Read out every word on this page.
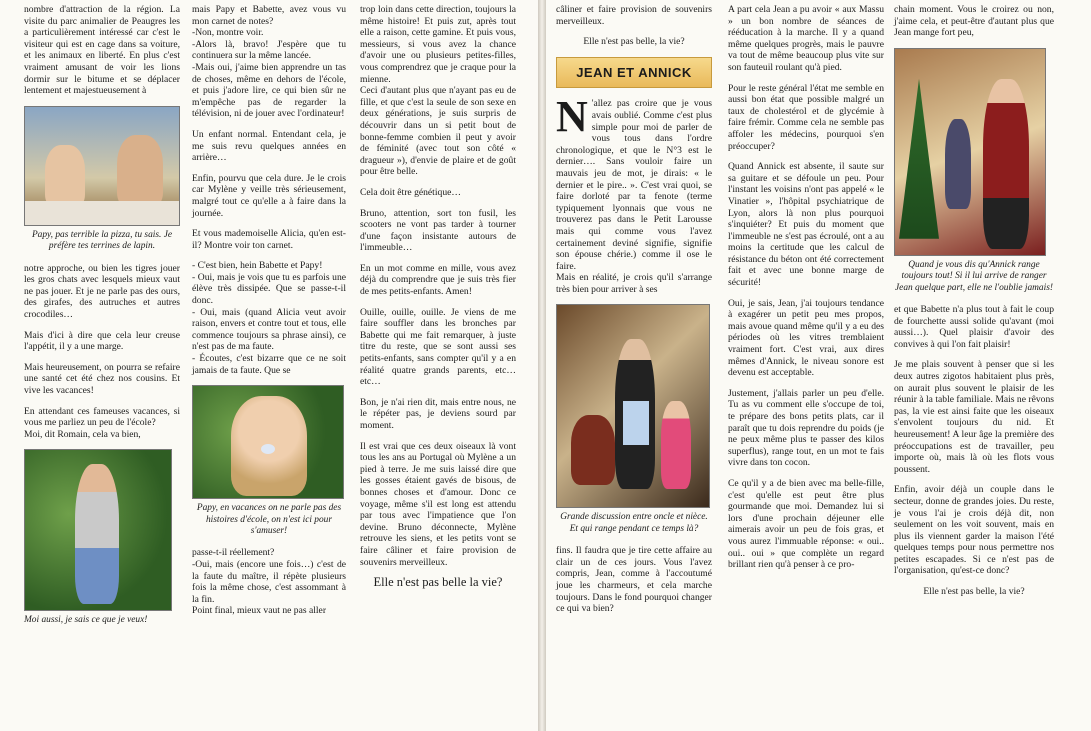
nombre d'attraction de la région. La visite du parc animalier de Peaugres les a particulièrement intéressé car c'est le visiteur qui est en cage dans sa voiture, et les animaux en liberté. En plus c'est vraiment amusant de voir les lions dormir sur le bitume et se déplacer lentement et majestueusement à

Papy, pas terrible la pizza, tu sais. Je préfère tes terrines de lapin.

notre approche, ou bien les tigres jouer les gros chats avec lesquels mieux vaut ne pas jouer. Et je ne parle pas des ours, des girafes, des autruches et autres crocodiles…

Mais d'ici à dire que cela leur creuse l'appétit, il y a une marge.

Mais heureusement, on pourra se refaire une santé cet été chez nos cousins. Et vive les vacances!

En attendant ces fameuses vacances, si vous me parliez un peu de l'école?

Moi, dit Romain, cela va bien,

Moi aussi, je sais ce que je veux!

mais Papy et Babette, avez vous vu mon carnet de notes?

-Non, montre voir.

-Alors là, bravo! J'espère que tu continuera sur la même lancée.

-Mais oui, j'aime bien apprendre un tas de choses, même en dehors de l'école, et puis j'adore lire, ce qui bien sûr ne m'empêche pas de regarder la télévision, ni de jouer avec l'ordinateur!

Un enfant normal. Entendant cela, je me suis revu quelques années en arrière…

Enfin, pourvu que cela dure. Je le crois car Mylène y veille très sérieusement, malgré tout ce qu'elle a à faire dans la journée.

Et vous mademoiselle Alicia, qu'en est-il? Montre voir ton carnet.

- C'est bien, hein Babette et Papy!

- Oui, mais je vois que tu es parfois une élève très dissipée. Que se passe-t-il donc.

- Oui, mais (quand Alicia veut avoir raison, envers et contre tout et tous, elle commence toujours sa phrase ainsi), ce n'est pas de ma faute.

- Écoutes, c'est bizarre que ce ne soit jamais de ta faute. Que se

Papy, en vacances on ne parle pas des histoires d'école, on n'est ici pour s'amuser!

passe-t-il réellement?

-Oui, mais (encore une fois…) c'est de la faute du maître, il répète plusieurs fois la même chose, c'est assommant à la fin.

Point final, mieux vaut ne pas aller

trop loin dans cette direction, toujours la même histoire! Et puis zut, après tout elle a raison, cette gamine. Et puis vous, messieurs, si vous avez la chance d'avoir une ou plusieurs petites-filles, vous comprendrez que je craque pour la mienne.

Ceci d'autant plus que n'ayant pas eu de fille, et que c'est la seule de son sexe en deux générations, je suis surpris de découvrir dans un si petit bout de bonne-femme combien il peut y avoir de féminité (avec tout son côté « dragueur »), d'envie de plaire et de goût pour être belle.

Cela doit être génétique…

Bruno, attention, sort ton fusil, les scooters ne vont pas tarder à tourner d'une façon insistante autours de l'immeuble…

En un mot comme en mille, vous avez déjà du comprendre que je suis très fier de mes petits-enfants. Amen!

Ouille, ouille, ouille. Je viens de me faire souffler dans les bronches par Babette qui me fait remarquer, à juste titre du reste, que se sont aussi ses petits-enfants, sans compter qu'il y a en réalité quatre grands parents, etc… etc…

Bon, je n'ai rien dit, mais entre nous, ne le répéter pas, je deviens sourd par moment.

Il est vrai que ces deux oiseaux là vont tous les ans au Portugal où Mylène a un pied à terre. Je me suis laissé dire que les gosses étaient gavés de bisous, de bonnes choses et d'amour. Donc ce voyage, même s'il est long est attendu par tous avec l'impatience que l'on devine. Bruno déconnecte, Mylène retrouve les siens, et les petits vont se faire câliner et faire provision de souvenirs merveilleux.

Elle n'est pas belle la vie?

câliner et faire provision de souvenirs merveilleux.

Elle n'est pas belle, la vie?

JEAN ET ANNICK

N 'allez pas croire que je vous avais oublié. Comme c'est plus simple pour moi de parler de vous tous dans l'ordre chronologique, et que le N°3 est le dernier…. Sans vouloir faire un mauvais jeu de mot, je dirais: « le dernier et le pire.. ». C'est vrai quoi, se faire dorloté par ta fenote (terme typiquement lyonnais que vous ne trouverez pas dans le Petit Larousse mais qui comme vous l'avez certainement deviné signifie, signifie son épouse chérie.) comme il ose le faire.

Mais en réalité, je crois qu'il s'arrange très bien pour arriver à ses

Grande discussion entre oncle et nièce. Et qui range pendant ce temps là?

fins. Il faudra que je tire cette affaire au clair un de ces jours. Vous l'avez compris, Jean, comme à l'accoutumé joue les charmeurs, et cela marche toujours. Dans le fond pourquoi changer ce qui va bien?

A part cela Jean a pu avoir « aux Massu » un bon nombre de séances de rééducation à la marche. Il y a quand même quelques progrès, mais le pauvre va tout de même beaucoup plus vite sur son fauteuil roulant qu'à pied.

Pour le reste général l'état me semble en aussi bon état que possible malgré un taux de cholestérol et de glycémie à faire frémir. Comme cela ne semble pas affoler les médecins, pourquoi s'en préoccuper?

Quand Annick est absente, il saute sur sa guitare et se défoule un peu. Pour l'instant les voisins n'ont pas appelé « le Vinatier », l'hôpital psychiatrique de Lyon, alors là non plus pourquoi s'inquiéter? Et puis du moment que l'immeuble ne s'est pas écroulé, ont a au moins la certitude que les calcul de résistance du béton ont été correctement fait et avec une bonne marge de sécurité!

Oui, je sais, Jean, j'ai toujours tendance à exagérer un petit peu mes propos, mais avoue quand même qu'il y a eu des périodes où les vitres tremblaient vraiment fort. C'est vrai, aux dires mêmes d'Annick, le niveau sonore est devenu est acceptable.

Justement, j'allais parler un peu d'elle. Tu as vu comment elle s'occupe de toi, te prépare des bons petits plats, car il paraît que tu dois reprendre du poids (je ne peux même plus te passer des kilos superflus), range tout, en un mot te fais vivre dans ton cocon.

Ce qu'il y a de bien avec ma belle-fille, c'est qu'elle est peut être plus gourmande que moi. Demandez lui si lors d'une prochain déjeuner elle aimerais avoir un peu de fois gras, et vous aurez l'immuable réponse: « oui.. oui.. oui » que complète un regard brillant rien qu'à penser à ce pro-

chain moment. Vous le croirez ou non, j'aime cela, et peut-être d'autant plus que Jean mange fort peu,

Quand je vous dis qu'Annick range toujours tout! Si il lui arrive de ranger Jean quelque part, elle ne l'oublie jamais!

et que Babette n'a plus tout à fait le coup de fourchette aussi solide qu'avant (moi aussi…). Quel plaisir d'avoir des convives à qui l'on fait plaisir!

Je me plais souvent à penser que si les deux autres zigotos habitaient plus près, on aurait plus souvent le plaisir de les réunir à la table familiale. Mais ne rêvons pas, la vie est ainsi faite que les oiseaux s'envolent toujours du nid. Et heureusement! A leur âge la première des préoccupations est de travailler, peu importe où, mais là où les flots vous poussent.

Enfin, avoir déjà un couple dans le secteur, donne de grandes joies. Du reste, je vous l'ai je crois déjà dit, non seulement on les voit souvent, mais en plus ils viennent garder la maison l'été quelques temps pour nous permettre nos petites escapades. Si ce n'est pas de l'organisation, qu'est-ce donc?

Elle n'est pas belle, la vie?
